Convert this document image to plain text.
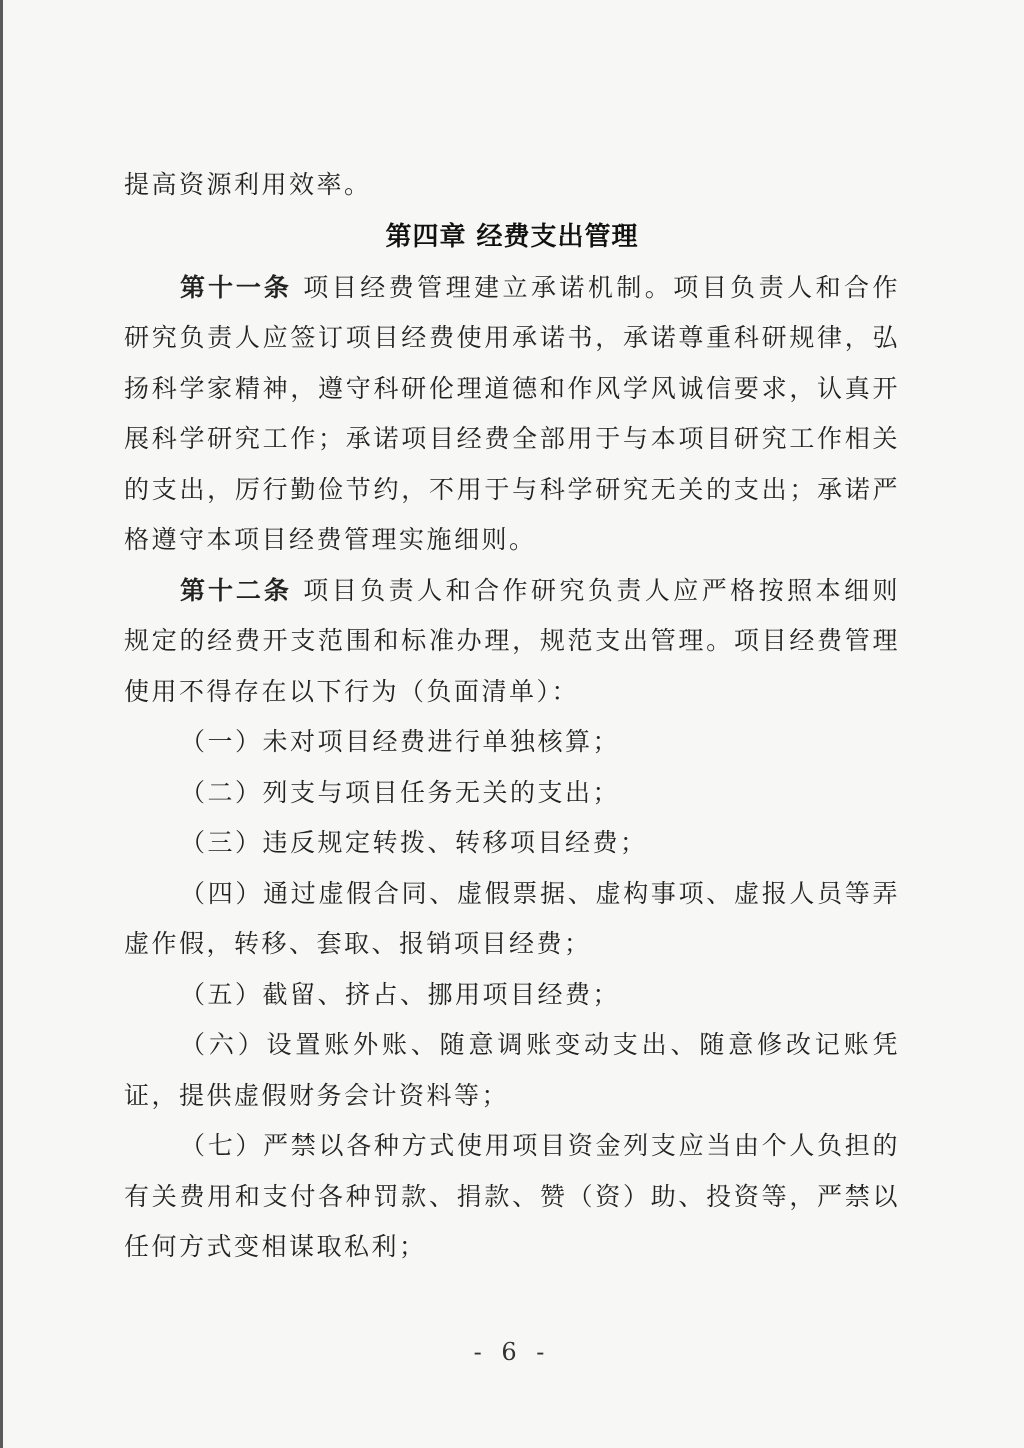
提高资源利用效率。

第四章 经费支出管理

第十一条 项目经费管理建立承诺机制。项目负责人和合作研究负责人应签订项目经费使用承诺书，承诺尊重科研规律，弘扬科学家精神，遵守科研伦理道德和作风学风诚信要求，认真开展科学研究工作；承诺项目经费全部用于与本项目研究工作相关的支出，厉行勤俭节约，不用于与科学研究无关的支出；承诺严格遵守本项目经费管理实施细则。

第十二条 项目负责人和合作研究负责人应严格按照本细则规定的经费开支范围和标准办理，规范支出管理。项目经费管理使用不得存在以下行为（负面清单）：

（一）未对项目经费进行单独核算；

（二）列支与项目任务无关的支出；

（三）违反规定转拨、转移项目经费；

（四）通过虚假合同、虚假票据、虚构事项、虚报人员等弄虚作假，转移、套取、报销项目经费；

（五）截留、挤占、挪用项目经费；

（六）设置账外账、随意调账变动支出、随意修改记账凭证，提供虚假财务会计资料等；

（七）严禁以各种方式使用项目资金列支应当由个人负担的有关费用和支付各种罚款、捐款、赞（资）助、投资等，严禁以任何方式变相谋取私利；

- 6 -
